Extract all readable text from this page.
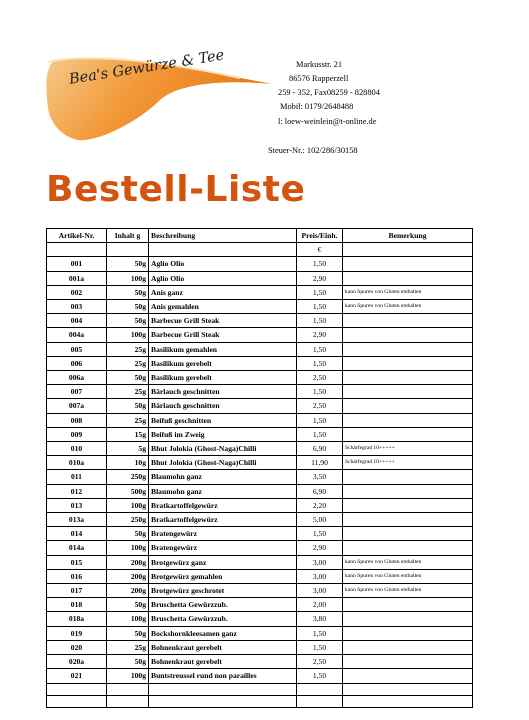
Bea's Gewürze & Tee	Markusstr. 21
86576 Rapperzell
259 - 352, Fax08259 - 828804
Mobil: 0179/2648488
l: loew-weinlein@t-online.de
Steuer-Nr.: 102/286/30158
Bestell-Liste
Artikel-Nr.	Inhalt g	Beschreibung	Preis/Einh.	Bemerkung
			€	
001	50g	Aglio Olio	1,50	
001a	100g	Aglio Olio	2,90	
002	50g	Anis ganz	1,50	kann Spuren von Gluten enthalten
003	50g	Anis gemahlen	1,50	kann Spuren von Gluten enthalten
004	50g	Barbecue Grill Steak	1,50	
004a	100g	Barbecue Grill Steak	2,90	
005	25g	Basilikum gemahlen	1,50	
006	25g	Basilikum gerebelt	1,50	
006a	50g	Basilikum gerebelt	2,50	
007	25g	Bärlauch geschnitten	1,50	
007a	50g	Bärlauch geschnitten	2,50	
008	25g	Beifuß geschnitten	1,50	
009	15g	Beifuß im Zweig	1,50	
010	5g	Bhut Jolokia (Ghost-Naga)Chilli	6,90	Schärfegrad 10+++++
010a	10g	Bhut Jolokia (Ghost-Naga)Chilli	11,90	Schärfegrad 10+++++
011	250g	Blaumohn ganz	3,50	
012	500g	Blaumohn ganz	6,90	
013	100g	Bratkartoffelgewürz	2,20	
013a	250g	Bratkartoffelgewürz	5,00	
014	50g	Bratengewürz	1,50	
014a	100g	Bratengewürz	2,90	
015	200g	Brotgewürz ganz	3,00	kann Spuren von Gluten enthalten
016	200g	Brotgewürz gemahlen	3,00	kann Spuren von Gluten enthalten
017	200g	Brotgewürz geschrotet	3,00	kann Spuren von Gluten enthalten
018	50g	Bruschetta Gewürzzub.	2,00	
018a	100g	Bruschetta Gewürzzub.	3,80	
019	50g	Bockshornkleesamen ganz	1,50	
020	25g	Bohnenkraut gerebelt	1,50	
020a	50g	Bohnenkraut gerebelt	2,50	
021	100g	Buntstreussel rund non parailles	1,50	
